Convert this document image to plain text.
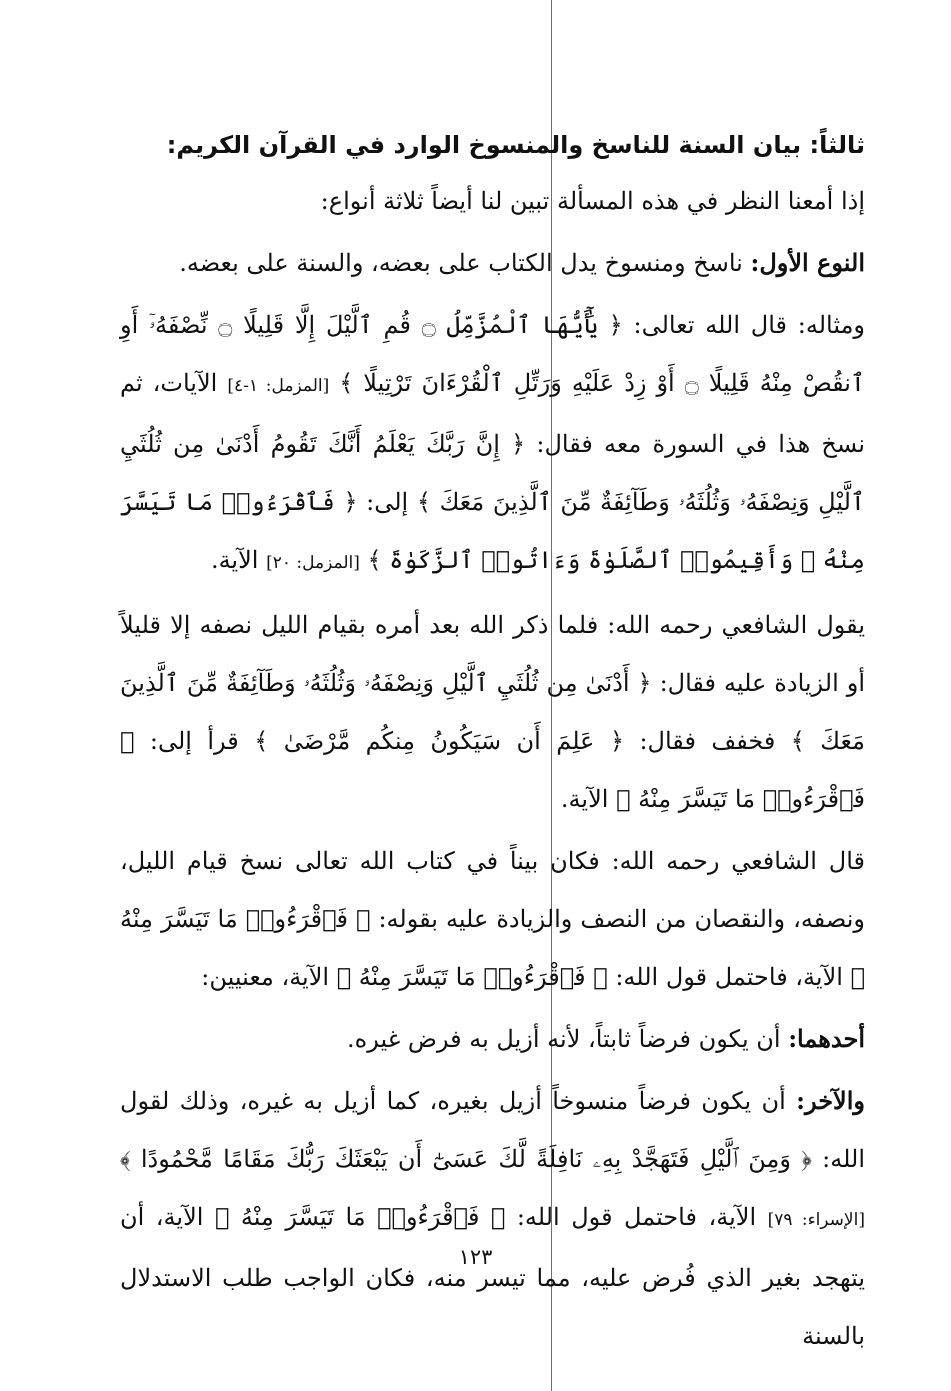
ثالثاً: بيان السنة للناسخ والمنسوخ الوارد في القرآن الكريم:

إذا أمعنا النظر في هذه المسألة تبين لنا أيضاً ثلاثة أنواع:

النوع الأول: ناسخ ومنسوخ يدل الكتاب على بعضه، والسنة على بعضه.

ومثاله: قال الله تعالى: ﴿ يَٰٓأَيُّهَا ٱلْمُزَّمِّلُ ۝ قُمِ ٱلَّيْلَ إِلَّا قَلِيلًا ۝ نِّصْفَهُۥٓ أَوِ ٱنقُصْ مِنْهُ قَلِيلًا ۝ أَوْ زِدْ عَلَيْهِ وَرَتِّلِ ٱلْقُرْءَانَ تَرْتِيلًا ﴾ [المزمل: ١-٤] الآيات، ثم نسخ هذا في السورة معه فقال: ﴿ إِنَّ رَبَّكَ يَعْلَمُ أَنَّكَ تَقُومُ أَدْنَىٰ مِن ثُلُثَيِ ٱلَّيْلِ وَنِصْفَهُۥ وَثُلُثَهُۥ وَطَآئِفَةٌ مِّنَ ٱلَّذِينَ مَعَكَ ﴾ إلى: ﴿ فَٱقْرَءُوا۟ مَا تَيَسَّرَ مِنْهُ ۚ وَأَقِيمُوا۟ ٱلصَّلَوٰةَ وَءَاتُوا۟ ٱلزَّكَوٰةَ ﴾ [المزمل: ٢٠] الآية.

يقول الشافعي رحمه الله: فلما ذكر الله بعد أمره بقيام الليل نصفه إلا قليلاً أو الزيادة عليه فقال: ﴿ أَدْنَىٰ مِن ثُلُثَيِ ٱلَّيْلِ وَنِصْفَهُۥ وَثُلُثَهُۥ وَطَآئِفَةٌ مِّنَ ٱلَّذِينَ مَعَكَ ﴾ فخفف فقال: ﴿ عَلِمَ أَن سَيَكُونُ مِنكُم مَّرْضَىٰ ﴾ قرأ إلى: ﴿ فَٱقْرَءُوا۟ مَا تَيَسَّرَ مِنْهُ ﴾ الآية.

قال الشافعي رحمه الله: فكان بيناً في كتاب الله تعالى نسخ قيام الليل، ونصفه، والنقصان من النصف والزيادة عليه بقوله: ﴿ فَٱقْرَءُوا۟ مَا تَيَسَّرَ مِنْهُ ﴾ الآية، فاحتمل قول الله: ﴿ فَٱقْرَءُوا۟ مَا تَيَسَّرَ مِنْهُ ﴾ الآية، معنيين:

أحدهما: أن يكون فرضاً ثابتاً، لأنه أزيل به فرض غيره.

والآخر: أن يكون فرضاً منسوخاً أزيل بغيره، كما أزيل به غيره، وذلك لقول الله: ﴿ وَمِنَ ٱلَّيْلِ فَتَهَجَّدْ بِهِۦ نَافِلَةً لَّكَ عَسَىٰٓ أَن يَبْعَثَكَ رَبُّكَ مَقَامًا مَّحْمُودًا ﴾ [الإسراء: ٧٩] الآية، فاحتمل قول الله: ﴿ فَٱقْرَءُوا۟ مَا تَيَسَّرَ مِنْهُ ﴾ الآية، أن يتهجد بغير الذي فُرض عليه، مما تيسر منه، فكان الواجب طلب الاستدلال بالسنة

١٢٣
